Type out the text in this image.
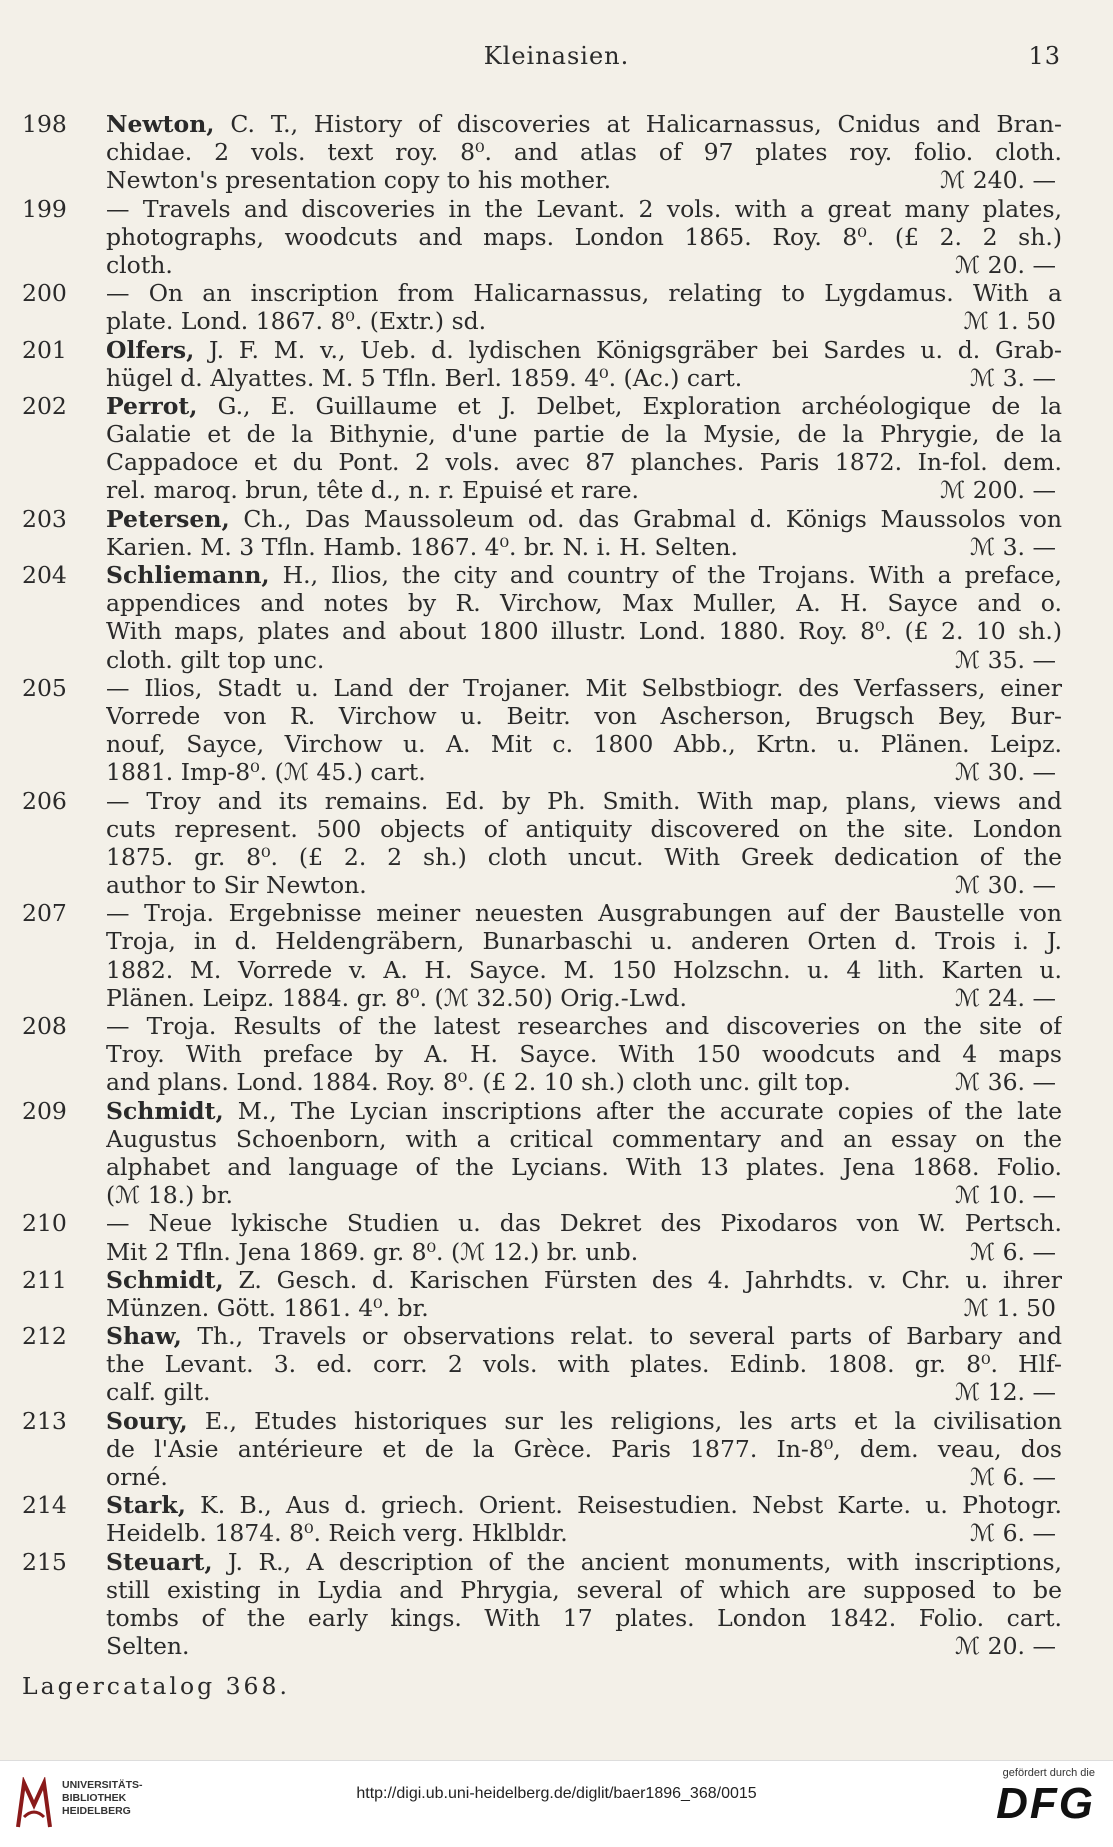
Kleinasien.	13
198 Newton, C. T., History of discoveries at Halicarnassus, Cnidus and Bran-
chidae. 2 vols. text roy. 8⁰. and atlas of 97 plates roy. folio. cloth.
Newton's presentation copy to his mother.	ℳ 240. —
199 — Travels and discoveries in the Levant. 2 vols. with a great many plates,
photographs, woodcuts and maps. London 1865. Roy. 8⁰. (£ 2. 2 sh.)
cloth.	ℳ 20. —
200 — On an inscription from Halicarnassus, relating to Lygdamus. With a
plate. Lond. 1867. 8⁰. (Extr.) sd.	ℳ 1. 50
201 Olfers, J. F. M. v., Ueb. d. lydischen Königsgräber bei Sardes u. d. Grab-
hügel d. Alyattes. M. 5 Tfln. Berl. 1859. 4⁰. (Ac.) cart.	ℳ 3. —
202 Perrot, G., E. Guillaume et J. Delbet, Exploration archéologique de la
Galatie et de la Bithynie, d'une partie de la Mysie, de la Phrygie, de la
Cappadoce et du Pont. 2 vols. avec 87 planches. Paris 1872. In-fol. dem.
rel. maroq. brun, tête d., n. r. Epuisé et rare.	ℳ 200. —
203 Petersen, Ch., Das Maussoleum od. das Grabmal d. Königs Maussolos von
Karien. M. 3 Tfln. Hamb. 1867. 4⁰. br. N. i. H. Selten.	ℳ 3. —
204 Schliemann, H., Ilios, the city and country of the Trojans. With a preface,
appendices and notes by R. Virchow, Max Muller, A. H. Sayce and o.
With maps, plates and about 1800 illustr. Lond. 1880. Roy. 8⁰. (£ 2. 10 sh.)
cloth. gilt top unc.	ℳ 35. —
205 — Ilios, Stadt u. Land der Trojaner. Mit Selbstbiogr. des Verfassers, einer
Vorrede von R. Virchow u. Beitr. von Ascherson, Brugsch Bey, Bur-
nouf, Sayce, Virchow u. A. Mit c. 1800 Abb., Krtn. u. Plänen. Leipz.
1881. Imp-8⁰. (ℳ 45.) cart.	ℳ 30. —
206 — Troy and its remains. Ed. by Ph. Smith. With map, plans, views and
cuts represent. 500 objects of antiquity discovered on the site. London
1875. gr. 8⁰. (£ 2. 2 sh.) cloth uncut. With Greek dedication of the
author to Sir Newton.	ℳ 30. —
207 — Troja. Ergebnisse meiner neuesten Ausgrabungen auf der Baustelle von
Troja, in d. Heldengräbern, Bunarbaschi u. anderen Orten d. Trois i. J.
1882. M. Vorrede v. A. H. Sayce. M. 150 Holzschn. u. 4 lith. Karten u.
Plänen. Leipz. 1884. gr. 8⁰. (ℳ 32.50) Orig.-Lwd.	ℳ 24. —
208 — Troja. Results of the latest researches and discoveries on the site of
Troy. With preface by A. H. Sayce. With 150 woodcuts and 4 maps
and plans. Lond. 1884. Roy. 8⁰. (£ 2. 10 sh.) cloth unc. gilt top.	ℳ 36. —
209 Schmidt, M., The Lycian inscriptions after the accurate copies of the late
Augustus Schoenborn, with a critical commentary and an essay on the
alphabet and language of the Lycians. With 13 plates. Jena 1868. Folio.
(ℳ 18.) br.	ℳ 10. —
210 — Neue lykische Studien u. das Dekret des Pixodaros von W. Pertsch.
Mit 2 Tfln. Jena 1869. gr. 8⁰. (ℳ 12.) br. unb.	ℳ 6. —
211 Schmidt, Z. Gesch. d. Karischen Fürsten des 4. Jahrhdts. v. Chr. u. ihrer
Münzen. Gött. 1861. 4⁰. br.	ℳ 1. 50
212 Shaw, Th., Travels or observations relat. to several parts of Barbary and
the Levant. 3. ed. corr. 2 vols. with plates. Edinb. 1808. gr. 8⁰. Hlf-
calf. gilt.	ℳ 12. —
213 Soury, E., Etudes historiques sur les religions, les arts et la civilisation
de l'Asie antérieure et de la Grèce. Paris 1877. In-8⁰, dem. veau, dos
orné.	ℳ 6. —
214 Stark, K. B., Aus d. griech. Orient. Reisestudien. Nebst Karte. u. Photogr.
Heidelb. 1874. 8⁰. Reich verg. Hklbldr.	ℳ 6. —
215 Steuart, J. R., A description of the ancient monuments, with inscriptions,
still existing in Lydia and Phrygia, several of which are supposed to be
tombs of the early kings. With 17 plates. London 1842. Folio. cart.
Selten.	ℳ 20. —
Lagercatalog 368.
UNIVERSITÄTS-
BIBLIOTHEK
HEIDELBERG
http://digi.ub.uni-heidelberg.de/diglit/baer1896_368/0015
gefördert durch die
DFG
